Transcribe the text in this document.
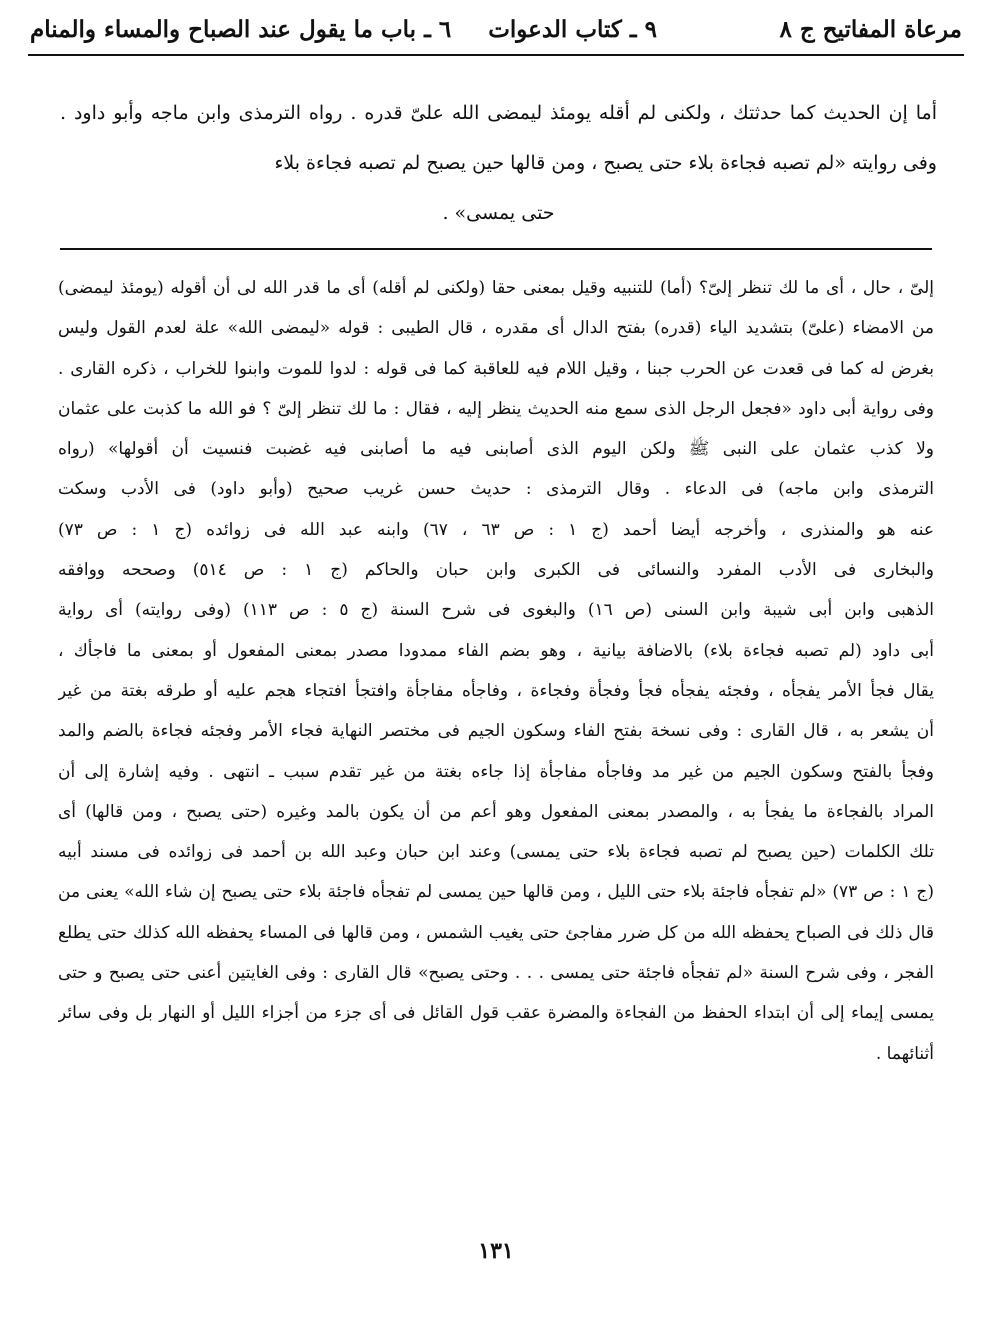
مرعاة المفاتيح ج ٨
٩ ـ كتاب الدعوات
٦ ـ باب ما يقول عند الصباح والمساء والمنام

أما إن الحديث كما حدثتك ، ولكنى لم أقله يومئذ ليمضى الله علىّ قدره . رواه الترمذى وابن ماجه وأبو داود . وفى روايته «لم تصبه فجاءة بلاء حتى يصبح ، ومن قالها حين يصبح لم تصبه فجاءة بلاء

حتى يمسى» .

إلىّ ، حال ، أى ما لك تنظر إلىّ؟ (أما) للتنبيه وقيل بمعنى حقا (ولكنى لم أقله) أى ما قدر الله لى أن أقوله (يومئذ ليمضى)
من الامضاء (علىّ) بتشديد الياء (قدره) بفتح الدال أى مقدره ، قال الطيبى : قوله «ليمضى الله» علة لعدم القول وليس
بغرض له كما فى قعدت عن الحرب جبنا ، وقيل اللام فيه للعاقبة كما فى قوله : لدوا للموت وابنوا للخراب ، ذكره القارى .
وفى رواية أبى داود «فجعل الرجل الذى سمع منه الحديث ينظر إليه ، فقال : ما لك تنظر إلىّ ؟ فو الله ما كذبت على عثمان
ولا كذب عثمان على النبى ﷺ ولكن اليوم الذى أصابنى فيه ما أصابنى فيه غضبت فنسيت أن أقولها» (رواه
الترمذى وابن ماجه) فى الدعاء . وقال الترمذى : حديث حسن غريب صحيح (وأبو داود) فى الأدب وسكت
عنه هو والمنذرى ، وأخرجه أيضا أحمد (ج ١ : ص ٦٣ ، ٦٧) وابنه عبد الله فى زوائده (ج ١ : ص ٧٣)
والبخارى فى الأدب المفرد والنسائى فى الكبرى وابن حبان والحاكم (ج ١ : ص ٥١٤) وصححه ووافقه
الذهبى وابن أبى شيبة وابن السنى (ص ١٦) والبغوى فى شرح السنة (ج ٥ : ص ١١٣) (وفى روايته) أى رواية
أبى داود (لم تصبه فجاءة بلاء) بالاضافة بيانية ، وهو بضم الفاء ممدودا مصدر بمعنى المفعول أو بمعنى ما فاجأك ،
يقال فجأ الأمر يفجأه ، وفجئه يفجأه فجأ وفجأة وفجاءة ، وفاجأه مفاجأة وافتجأ افتجاء هجم عليه أو طرقه بغتة من غير
أن يشعر به ، قال القارى : وفى نسخة بفتح الفاء وسكون الجيم فى مختصر النهاية فجاء الأمر وفجئه فجاءة بالضم والمد
وفجأ بالفتح وسكون الجيم من غير مد وفاجأه مفاجأة إذا جاءه بغتة من غير تقدم سبب ـ انتهى . وفيه إشارة إلى أن
المراد بالفجاءة ما يفجأ به ، والمصدر بمعنى المفعول وهو أعم من أن يكون بالمد وغيره (حتى يصبح ، ومن قالها) أى
تلك الكلمات (حين يصبح لم تصبه فجاءة بلاء حتى يمسى) وعند ابن حبان وعبد الله بن أحمد فى زوائده فى مسند أبيه
(ج ١ : ص ٧٣) «لم تفجأه فاجئة بلاء حتى الليل ، ومن قالها حين يمسى لم تفجأه فاجئة بلاء حتى يصبح إن شاء الله» يعنى من
قال ذلك فى الصباح يحفظه الله من كل ضرر مفاجئ حتى يغيب الشمس ، ومن قالها فى المساء يحفظه الله كذلك حتى يطلع
الفجر ، وفى شرح السنة «لم تفجأه فاجئة حتى يمسى . . . وحتى يصبح» قال القارى : وفى الغايتين أعنى حتى يصبح و حتى
يمسى إيماء إلى أن ابتداء الحفظ من الفجاءة والمضرة عقب قول القائل فى أى جزء من أجزاء الليل أو النهار بل وفى سائر
أثنائهما .
١٣١
